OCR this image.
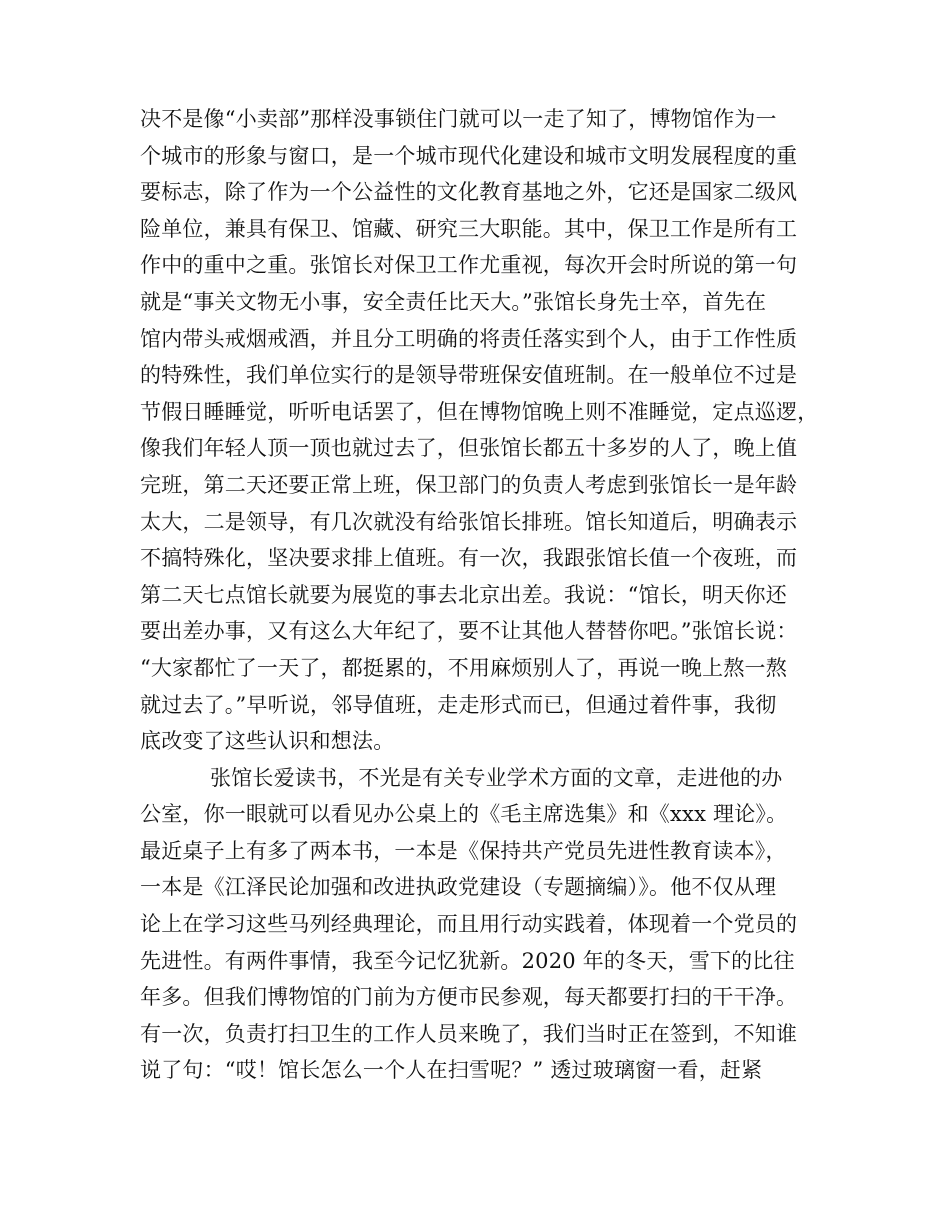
决不是像“小卖部”那样没事锁住门就可以一走了知了，博物馆作为一
个城市的形象与窗口，是一个城市现代化建设和城市文明发展程度的重
要标志，除了作为一个公益性的文化教育基地之外，它还是国家二级风
险单位，兼具有保卫、馆藏、研究三大职能。其中，保卫工作是所有工
作中的重中之重。张馆长对保卫工作尤重视，每次开会时所说的第一句
就是“事关文物无小事，安全责任比天大。”张馆长身先士卒，首先在
馆内带头戒烟戒酒，并且分工明确的将责任落实到个人，由于工作性质
的特殊性，我们单位实行的是领导带班保安值班制。在一般单位不过是
节假日睡睡觉，听听电话罢了，但在博物馆晚上则不准睡觉，定点巡逻，
像我们年轻人顶一顶也就过去了，但张馆长都五十多岁的人了，晚上值
完班，第二天还要正常上班，保卫部门的负责人考虑到张馆长一是年龄
太大，二是领导，有几次就没有给张馆长排班。馆长知道后，明确表示
不搞特殊化，坚决要求排上值班。有一次，我跟张馆长值一个夜班，而
第二天七点馆长就要为展览的事去北京出差。我说：“馆长，明天你还
要出差办事，又有这么大年纪了，要不让其他人替替你吧。”张馆长说：
“大家都忙了一天了，都挺累的，不用麻烦别人了，再说一晚上熬一熬
就过去了。”早听说，邻导值班，走走形式而已，但通过着件事，我彻
底改变了这些认识和想法。
张馆长爱读书，不光是有关专业学术方面的文章，走进他的办
公室，你一眼就可以看见办公桌上的《毛主席选集》和《xxx 理论》。
最近桌子上有多了两本书，一本是《保持共产党员先进性教育读本》，
一本是《江泽民论加强和改进执政党建设（专题摘编）》。他不仅从理
论上在学习这些马列经典理论，而且用行动实践着，体现着一个党员的
先进性。有两件事情，我至今记忆犹新。2020 年的冬天，雪下的比往
年多。但我们博物馆的门前为方便市民参观，每天都要打扫的干干净。
有一次，负责打扫卫生的工作人员来晚了，我们当时正在签到，不知谁
说了句：“哎！馆长怎么一个人在扫雪呢？” 透过玻璃窗一看，赶紧
